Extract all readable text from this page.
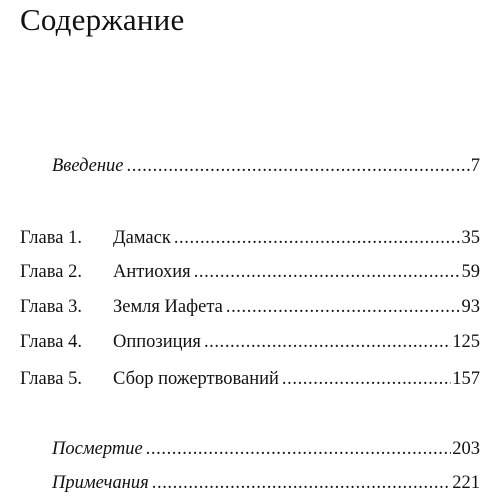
Содержание
Введение .....	7
Глава 1.	Дамаск .....	35
Глава 2.	Антиохия .....	59
Глава 3.	Земля Иафета .....	93
Глава 4.	Оппозиция .....	125
Глава 5.	Сбор пожертвований .....	157
Посмертие .....	203
Примечания .....	221
